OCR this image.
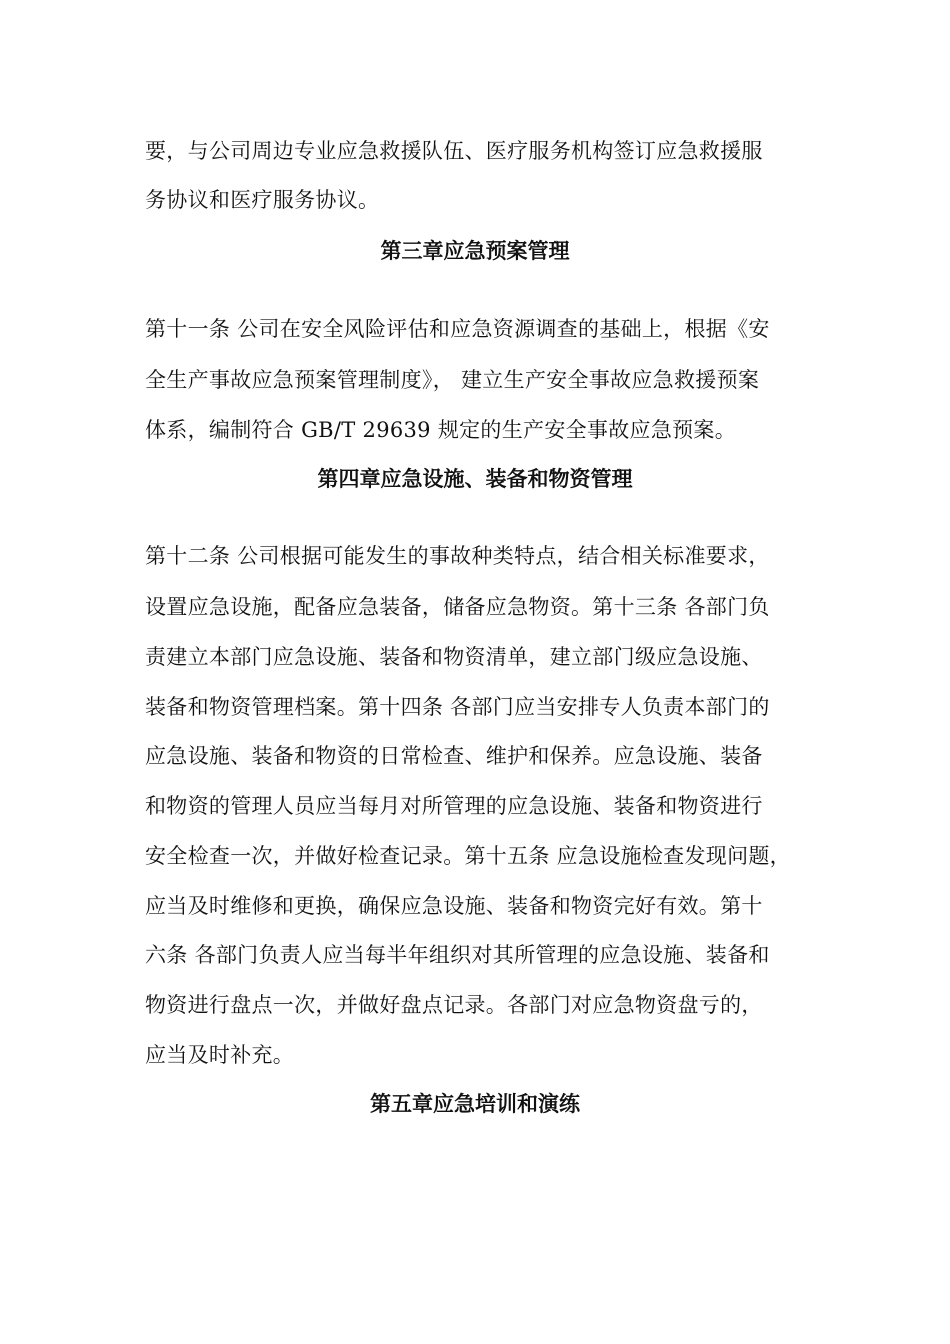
要，与公司周边专业应急救援队伍、医疗服务机构签订应急救援服
务协议和医疗服务协议。
第三章应急预案管理
第十一条 公司在安全风险评估和应急资源调查的基础上，根据《安
全生产事故应急预案管理制度》， 建立生产安全事故应急救援预案
体系，编制符合 GB/T 29639 规定的生产安全事故应急预案。
第四章应急设施、装备和物资管理
第十二条 公司根据可能发生的事故种类特点，结合相关标准要求，
设置应急设施，配备应急装备，储备应急物资。第十三条 各部门负
责建立本部门应急设施、装备和物资清单，建立部门级应急设施、
装备和物资管理档案。第十四条 各部门应当安排专人负责本部门的
应急设施、装备和物资的日常检查、维护和保养。应急设施、装备
和物资的管理人员应当每月对所管理的应急设施、装备和物资进行
安全检查一次，并做好检查记录。第十五条 应急设施检查发现问题，
应当及时维修和更换，确保应急设施、装备和物资完好有效。第十
六条 各部门负责人应当每半年组织对其所管理的应急设施、装备和
物资进行盘点一次，并做好盘点记录。各部门对应急物资盘亏的，
应当及时补充。
第五章应急培训和演练
